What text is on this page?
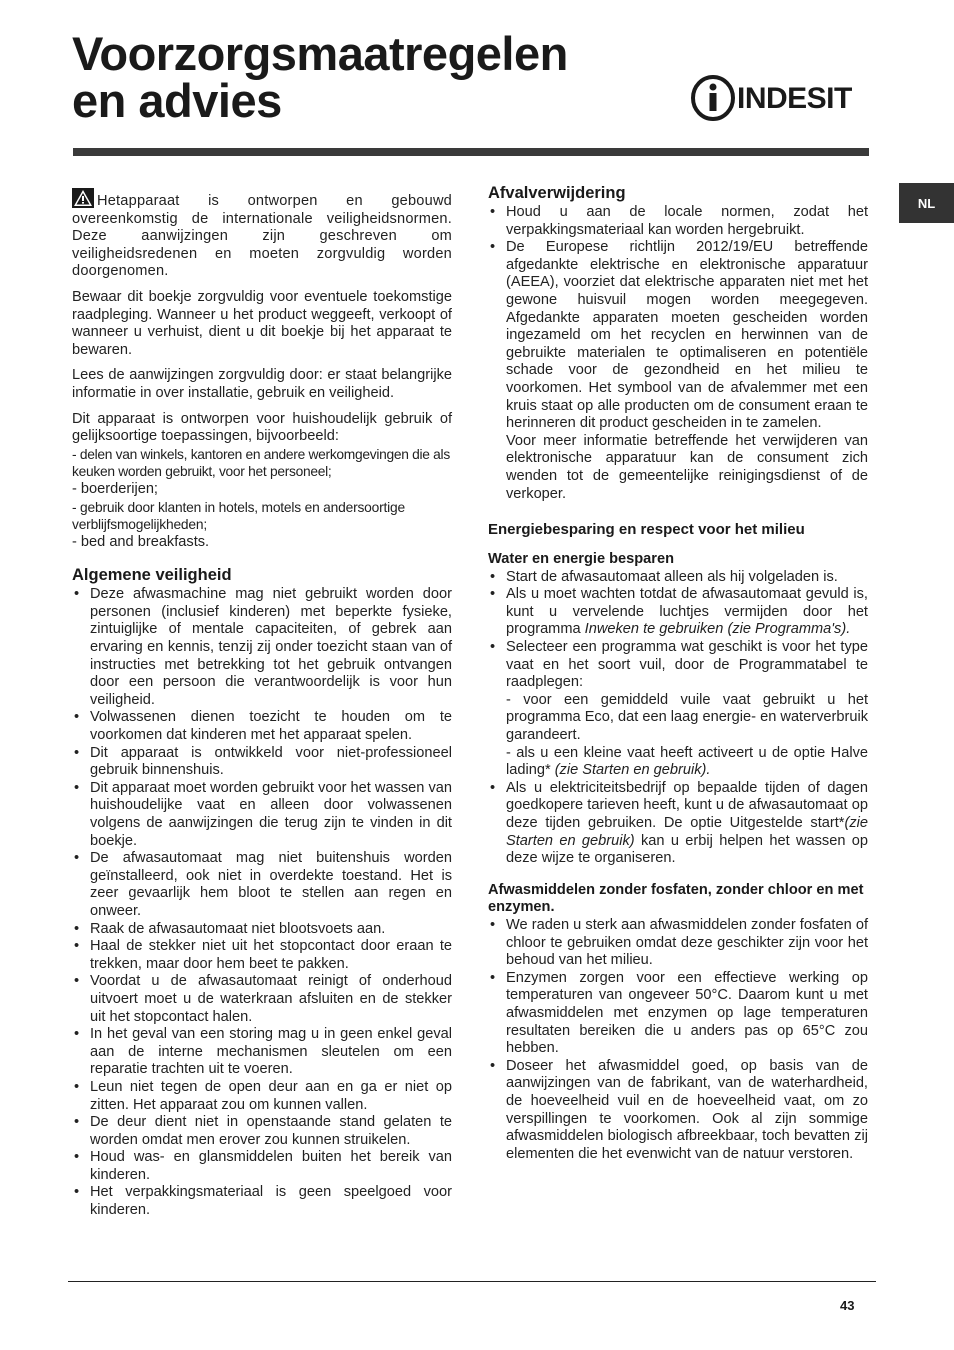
Voorzorgsmaatregelen
en advies	INDESIT
NL

Hetapparaat is ontworpen en gebouwd overeenkomstig de internationale veiligheidsnormen. Deze aanwijzingen zijn geschreven om veiligheidsredenen en moeten zorgvuldig worden doorgenomen.

Bewaar dit boekje zorgvuldig voor eventuele toekomstige raadpleging. Wanneer u het product weggeeft, verkoopt of wanneer u verhuist, dient u dit boekje bij het apparaat te bewaren.

Lees de aanwijzingen zorgvuldig door: er staat belangrijke informatie in over installatie, gebruik en veiligheid.

Dit apparaat is ontworpen voor huishoudelijk gebruik of gelijksoortige toepassingen, bijvoorbeeld:

- delen van winkels, kantoren en andere werkomgevingen die als keuken worden gebruikt, voor het personeel;
- boerderijen;
- gebruik door klanten in hotels, motels en andersoortige verblijfsmogelijkheden;
- bed and breakfasts.
Algemene veiligheid
• Deze afwasmachine mag niet gebruikt worden door personen (inclusief kinderen) met beperkte fysieke, zintuiglijke of mentale capaciteiten, of gebrek aan ervaring en kennis, tenzij zij onder toezicht staan van of instructies met betrekking tot het gebruik ontvangen door een persoon die verantwoordelijk is voor hun veiligheid.
• Volwassenen dienen toezicht te houden om te voorkomen dat kinderen met het apparaat spelen.
• Dit apparaat is ontwikkeld voor niet-professioneel gebruik binnenshuis.
• Dit apparaat moet worden gebruikt voor het wassen van huishoudelijke vaat en alleen door volwassenen volgens de aanwijzingen die terug zijn te vinden in dit boekje.
• De afwasautomaat mag niet buitenshuis worden geïnstalleerd, ook niet in overdekte toestand. Het is zeer gevaarlijk hem bloot te stellen aan regen en onweer.
• Raak de afwasautomaat niet blootsvoets aan.
• Haal de stekker niet uit het stopcontact door eraan te trekken, maar door hem beet te pakken.
• Voordat u de afwasautomaat reinigt of onderhoud uitvoert moet u de waterkraan afsluiten en de stekker uit het stopcontact halen.
• In het geval van een storing mag u in geen enkel geval aan de interne mechanismen sleutelen om een reparatie trachten uit te voeren.
• Leun niet tegen de open deur aan en ga er niet op zitten. Het apparaat zou om kunnen vallen.
• De deur dient niet in openstaande stand gelaten te worden omdat men erover zou kunnen struikelen.
• Houd was- en glansmiddelen buiten het bereik van kinderen.
• Het verpakkingsmateriaal is geen speelgoed voor kinderen.
Afvalverwijdering
• Houd u aan de locale normen, zodat het verpakkingsmateriaal kan worden hergebruikt.
• De Europese richtlijn 2012/19/EU betreffende afgedankte elektrische en elektronische apparatuur (AEEA), voorziet dat elektrische apparaten niet met het gewone huisvuil mogen worden meegegeven. Afgedankte apparaten moeten gescheiden worden ingezameld om het recyclen en herwinnen van de gebruikte materialen te optimaliseren en potentiële schade voor de gezondheid en het milieu te voorkomen. Het symbool van de afvalemmer met een kruis staat op alle producten om de consument eraan te herinneren dit product gescheiden in te zamelen.
Voor meer informatie betreffende het verwijderen van elektronische apparatuur kan de consument zich wenden tot de gemeentelijke reinigingsdienst of de verkoper.
Energiebesparing en respect voor het milieu
Water en energie besparen
• Start de afwasautomaat alleen als hij volgeladen is.
• Als u moet wachten totdat de afwasautomaat gevuld is, kunt u vervelende luchtjes vermijden door het programma Inweken te gebruiken (zie Programma's).
• Selecteer een programma wat geschikt is voor het type vaat en het soort vuil, door de Programmatabel te raadplegen:
- voor een gemiddeld vuile vaat gebruikt u het programma Eco, dat een laag energie- en waterverbruik garandeert.
- als u een kleine vaat heeft activeert u de optie Halve lading* (zie Starten en gebruik).
• Als u elektriciteitsbedrijf op bepaalde tijden of dagen goedkopere tarieven heeft, kunt u de afwasautomaat op deze tijden gebruiken. De optie Uitgestelde start*(zie Starten en gebruik) kan u erbij helpen het wassen op deze wijze te organiseren.
Afwasmiddelen zonder fosfaten, zonder chloor en met enzymen.
• We raden u sterk aan afwasmiddelen zonder fosfaten of chloor te gebruiken omdat deze geschikter zijn voor het behoud van het milieu.
• Enzymen zorgen voor een effectieve werking op temperaturen van ongeveer 50°C. Daarom kunt u met afwasmiddelen met enzymen op lage temperaturen resultaten bereiken die u anders pas op 65°C zou hebben.
• Doseer het afwasmiddel goed, op basis van de aanwijzingen van de fabrikant, van de waterhardheid, de hoeveelheid vuil en de hoeveelheid vaat, om zo verspillingen te voorkomen. Ook al zijn sommige afwasmiddelen biologisch afbreekbaar, toch bevatten zij elementen die het evenwicht van de natuur verstoren.
43
